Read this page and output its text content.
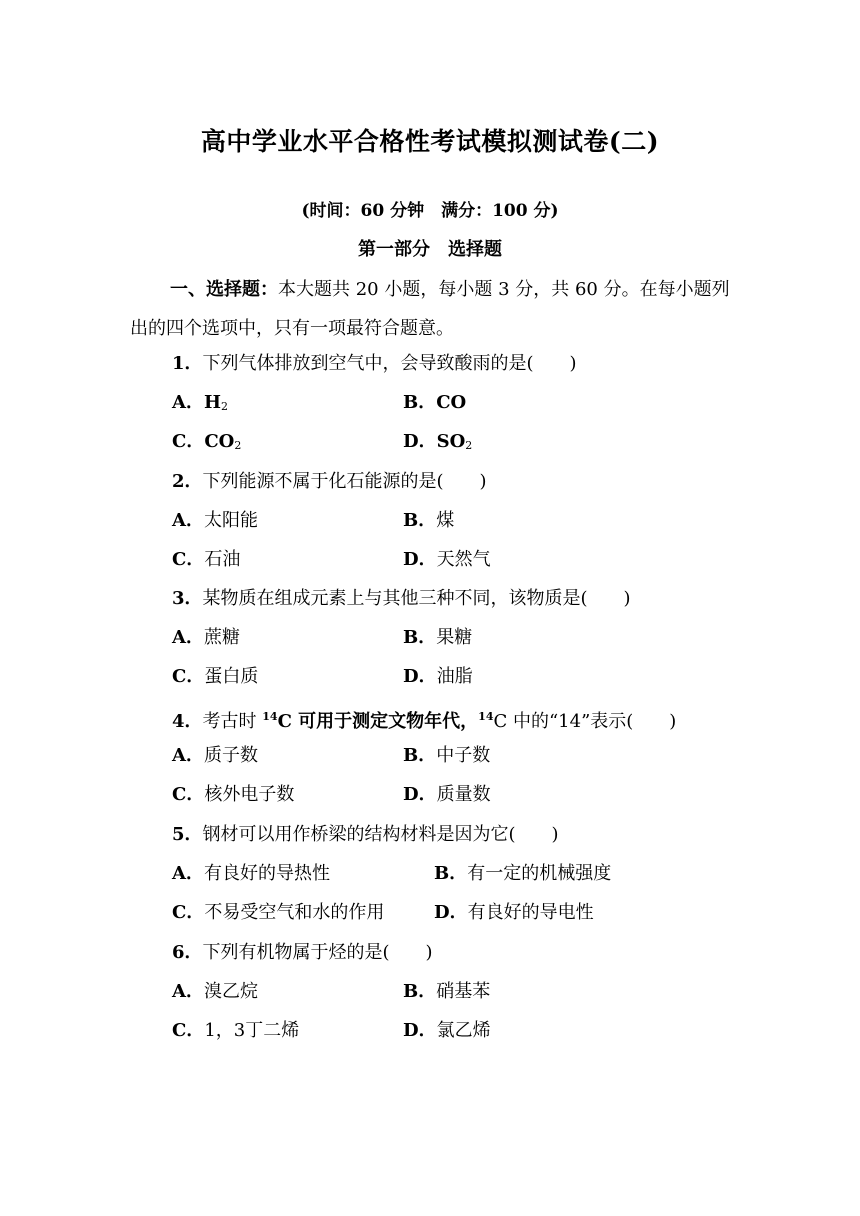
高中学业水平合格性考试模拟测试卷(二)
(时间：60 分钟　满分：100 分)
第一部分　选择题
一、选择题：本大题共 20 小题，每小题 3 分，共 60 分。在每小题列出的四个选项中，只有一项最符合题意。
1．下列气体排放到空气中，会导致酸雨的是(　　)
A．$H_2$	B．CO
C．$CO_2$	D．$SO_2$
2．下列能源不属于化石能源的是(　　)
A．太阳能	B．煤
C．石油	D．天然气
3．某物质在组成元素上与其他三种不同，该物质是(　　)
A．蔗糖	B．果糖
C．蛋白质	D．油脂
4．考古时 $^{14}$C 可用于测定文物年代，$^{14}$C 中的“14”表示(　　)
A．质子数	B．中子数
C．核外电子数	D．质量数
5．钢材可以用作桥梁的结构材料是因为它(　　)
A．有良好的导热性	B．有一定的机械强度
C．不易受空气和水的作用	D．有良好的导电性
6．下列有机物属于烃的是(　　)
A．溴乙烷	B．硝基苯
C．1，3丁二烯	D．氯乙烯
